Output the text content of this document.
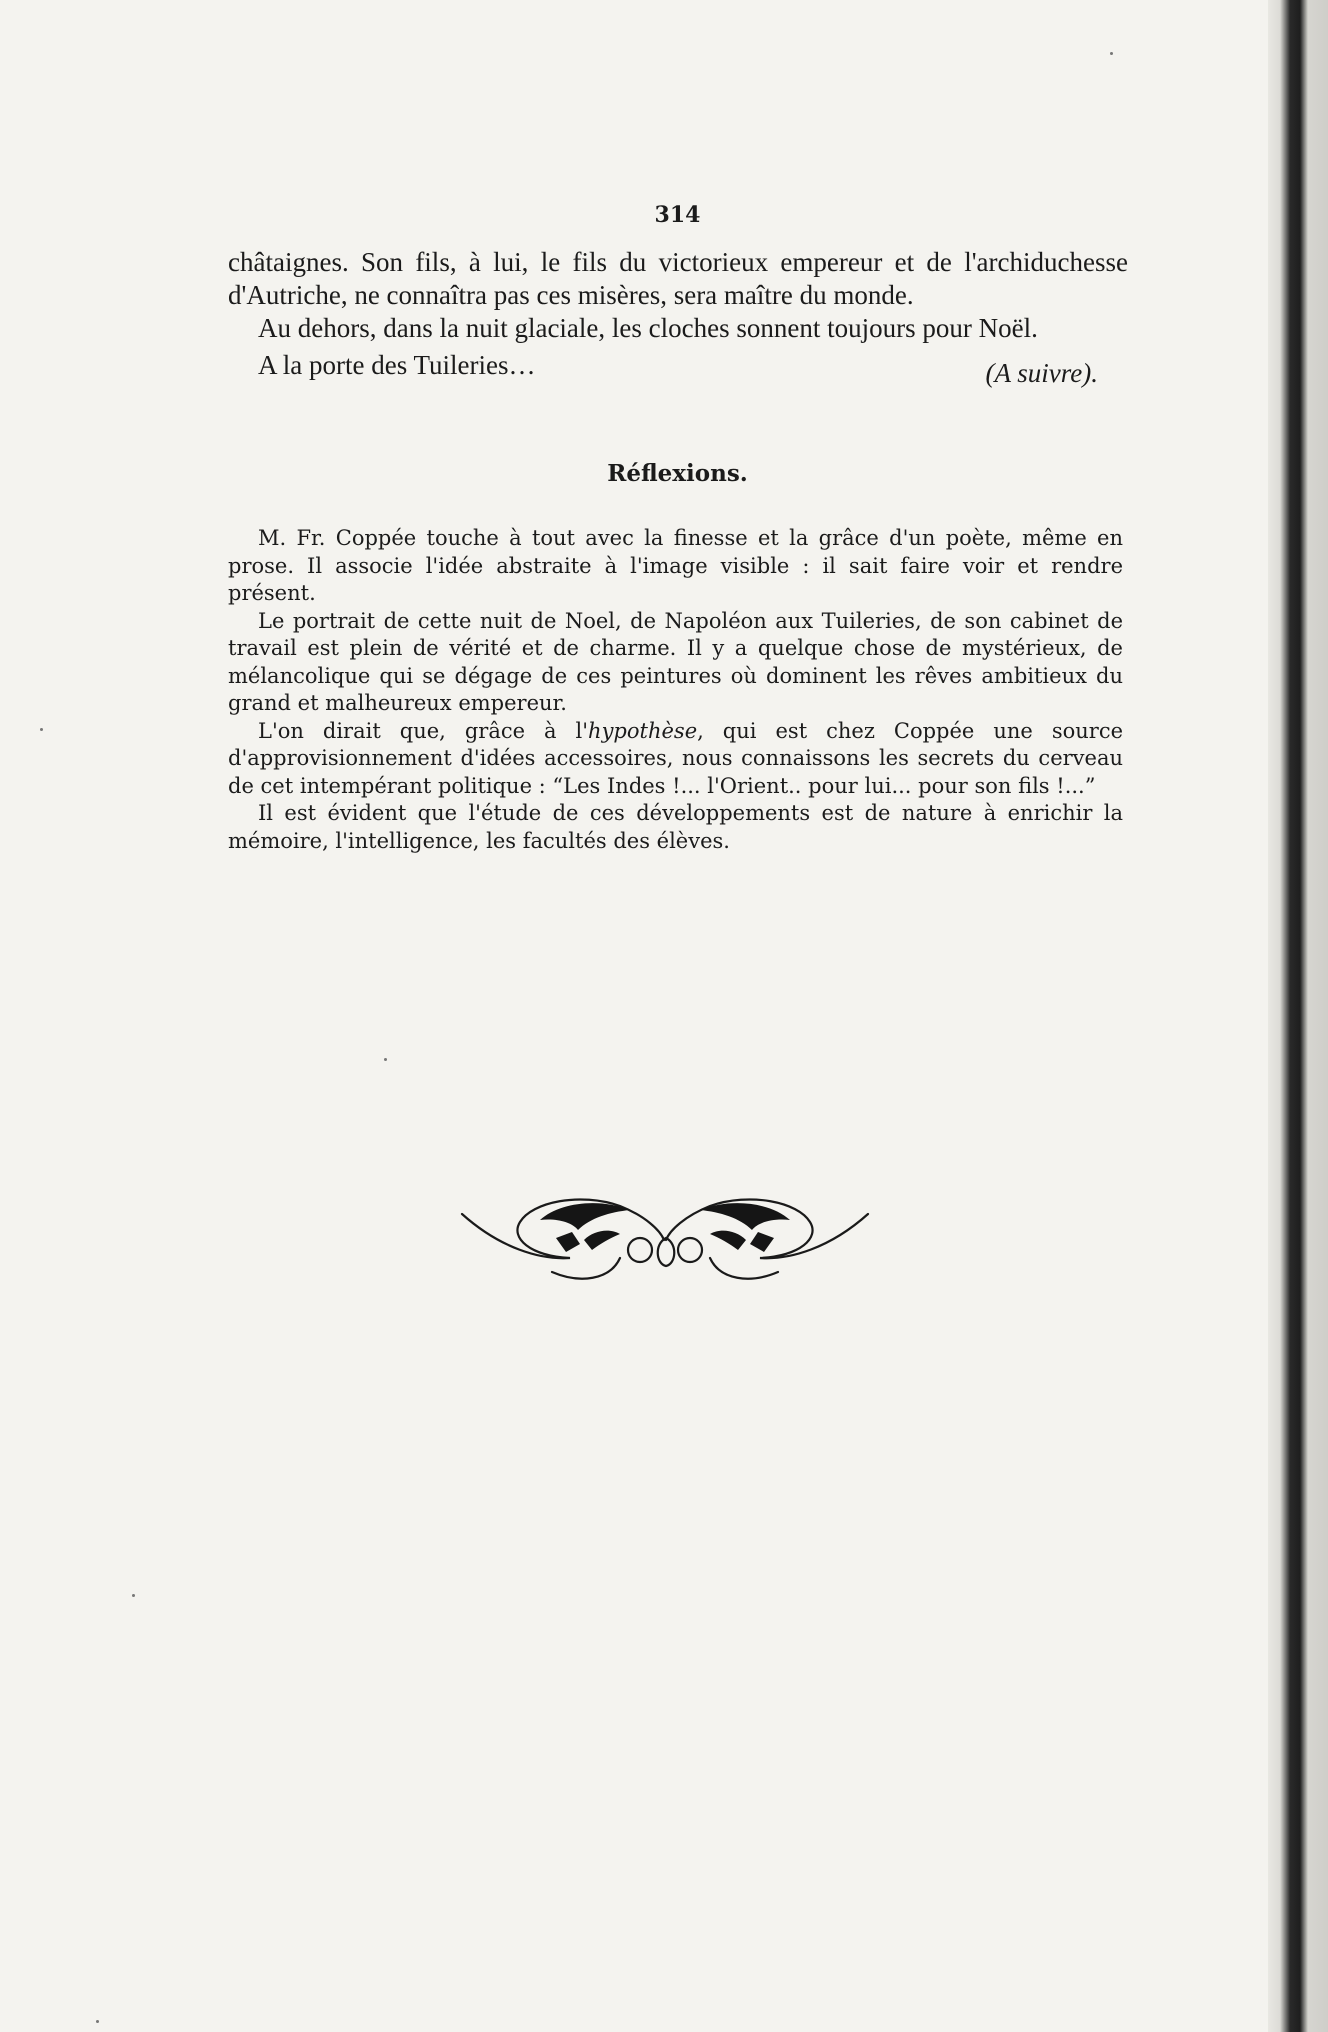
314

châtaignes. Son fils, à lui, le fils du victorieux empereur et de l'archiduchesse d'Autriche, ne connaîtra pas ces misères, sera maître du monde.

Au dehors, dans la nuit glaciale, les cloches sonnent toujours pour Noël.

A la porte des Tuileries…	(A suivre).

Réflexions.

M. Fr. Coppée touche à tout avec la finesse et la grâce d'un poète, même en prose. Il associe l'idée abstraite à l'image visible : il sait faire voir et rendre présent.

Le portrait de cette nuit de Noel, de Napoléon aux Tuileries, de son cabinet de travail est plein de vérité et de charme. Il y a quelque chose de mystérieux, de mélancolique qui se dégage de ces peintures où dominent les rêves ambitieux du grand et malheureux empereur.

L'on dirait que, grâce à l'hypothèse, qui est chez Coppée une source d'approvisionnement d'idées accessoires, nous connaissons les secrets du cerveau de cet intempérant politique : “Les Indes !... l'Orient.. pour lui... pour son fils !...”

Il est évident que l'étude de ces développements est de nature à enrichir la mémoire, l'intelligence, les facultés des élèves.
